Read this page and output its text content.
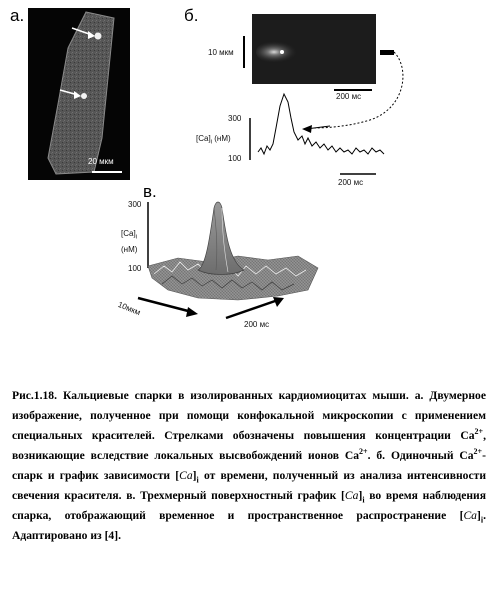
а.
20 мкм
б.
10 мкм
200 мс
$[Ca]_i$ (нМ)
300
100
200 мс
в.
$[Ca]_i$
(нМ)
300
100
10мкм
200 мс
Рис.1.18. Кальциевые спарки в изолированных кардиомиоцитах мыши. а. Двумерное изображение, полученное при помощи конфокальной микроскопии с применением специальных красителей. Стрелками обозначены повышения концентрации $Ca^{2+}$, возникающие вследствие локальных высвобождений ионов $Ca^{2+}$. б. Одиночный $Ca^{2+}$-спарк и график зависимости $[Ca]_i$ от времени, полученный из анализа интенсивности свечения красителя. в. Трехмерный поверхностный график $[Ca]_i$ во время наблюдения спарка, отображающий временное и пространственное распространение $[Ca]_i$. Адаптировано из [4].
